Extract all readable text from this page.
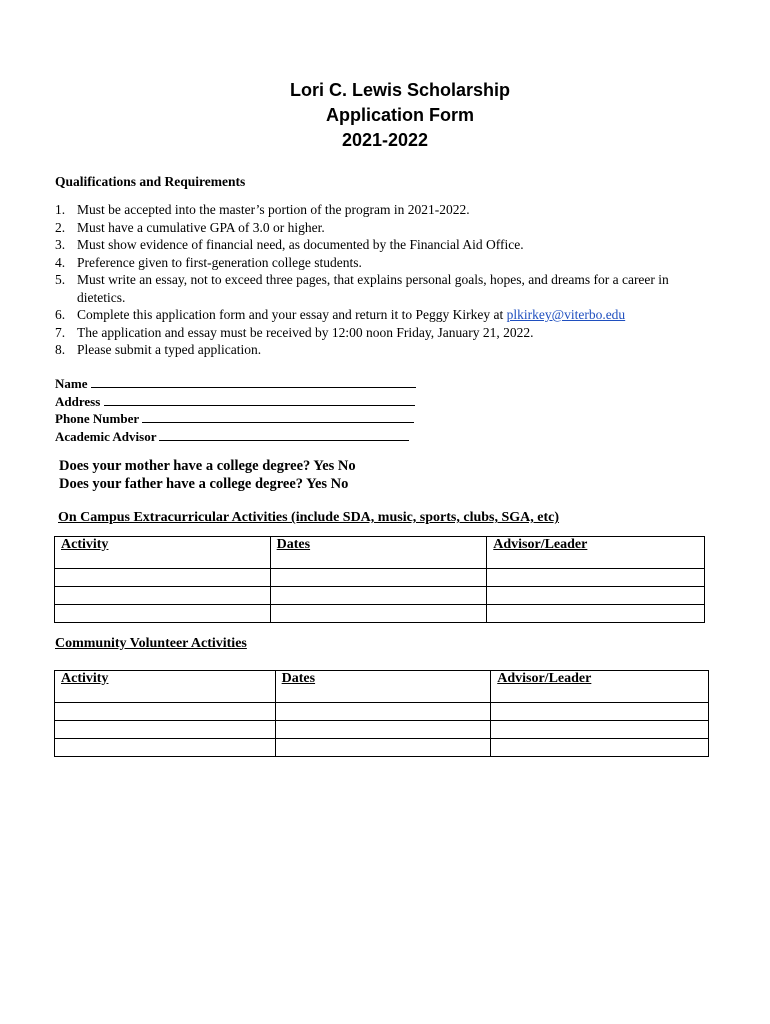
Lori C. Lewis Scholarship
Application Form
2021-2022
Qualifications and Requirements
1. Must be accepted into the master’s portion of the program in 2021-2022.
2. Must have a cumulative GPA of 3.0 or higher.
3. Must show evidence of financial need, as documented by the Financial Aid Office.
4. Preference given to first-generation college students.
5. Must write an essay, not to exceed three pages, that explains personal goals, hopes, and dreams for a career in dietetics.
6. Complete this application form and your essay and return it to Peggy Kirkey at plkirkey@viterbo.edu
7. The application and essay must be received by 12:00 noon Friday, January 21, 2022.
8. Please submit a typed application.
Name
Address
Phone Number
Academic Advisor
Does your mother have a college degree? Yes No
Does your father have a college degree? Yes No
On Campus Extracurricular Activities (include SDA, music, sports, clubs, SGA, etc)
Activity	Dates	Advisor/Leader

Community Volunteer Activities
Activity	Dates	Advisor/Leader
